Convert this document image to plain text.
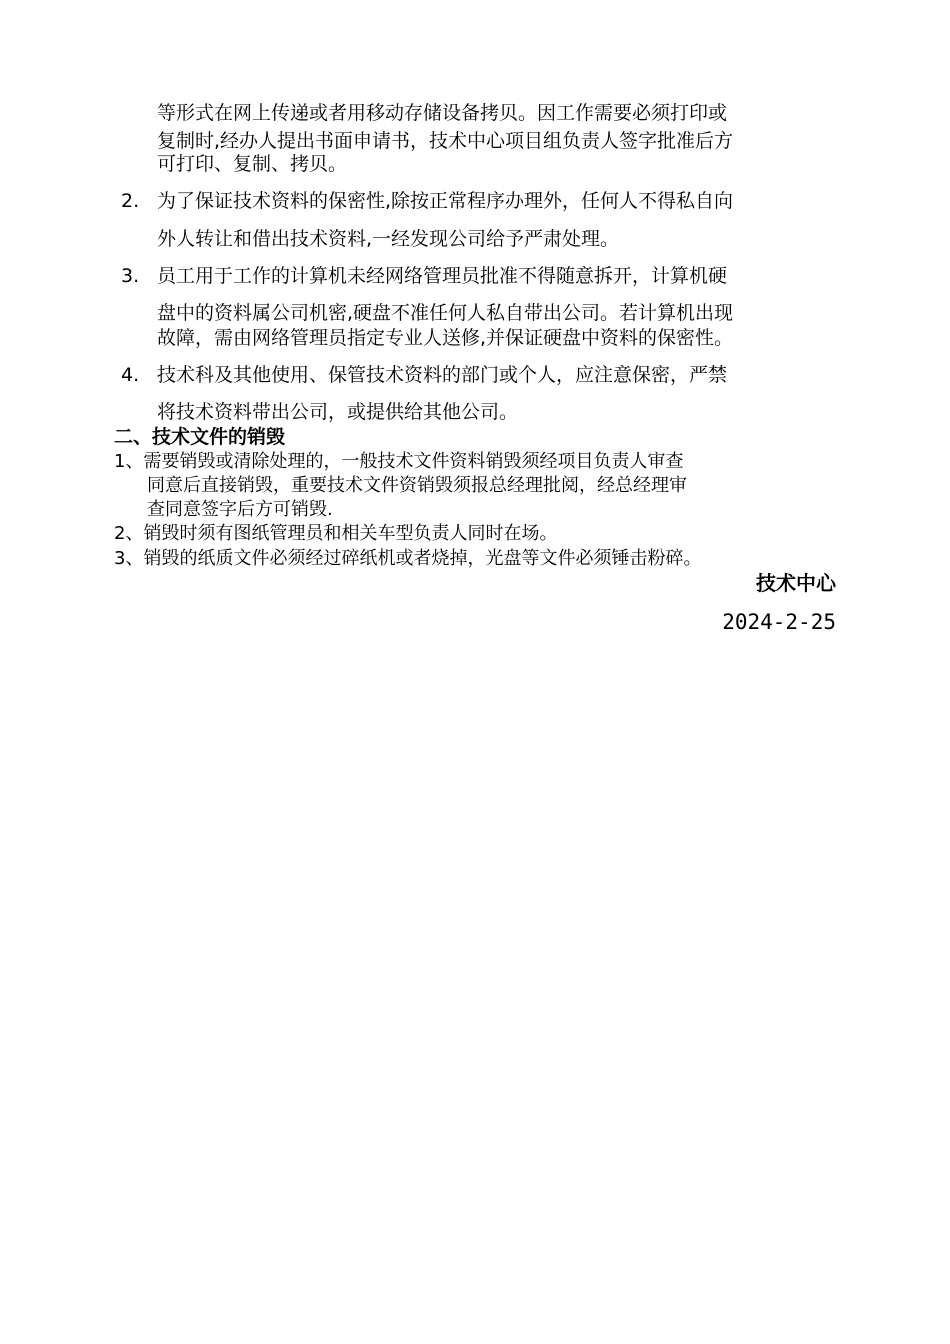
等形式在网上传递或者用移动存储设备拷贝。因工作需要必须打印或
复制时,经办人提出书面申请书，技术中心项目组负责人签字批准后方
可打印、复制、拷贝。
2. 为了保证技术资料的保密性,除按正常程序办理外，任何人不得私自向
外人转让和借出技术资料,一经发现公司给予严肃处理。
3. 员工用于工作的计算机未经网络管理员批准不得随意拆开，计算机硬
盘中的资料属公司机密,硬盘不准任何人私自带出公司。若计算机出现
故障，需由网络管理员指定专业人送修,并保证硬盘中资料的保密性。
4. 技术科及其他使用、保管技术资料的部门或个人，应注意保密，严禁
将技术资料带出公司，或提供给其他公司。
二、技术文件的销毁
1、需要销毁或清除处理的，一般技术文件资料销毁须经项目负责人审查
同意后直接销毁，重要技术文件资销毁须报总经理批阅，经总经理审
查同意签字后方可销毁.
2、销毁时须有图纸管理员和相关车型负责人同时在场。
3、销毁的纸质文件必须经过碎纸机或者烧掉，光盘等文件必须锤击粉碎。
技术中心
2024-2-25
